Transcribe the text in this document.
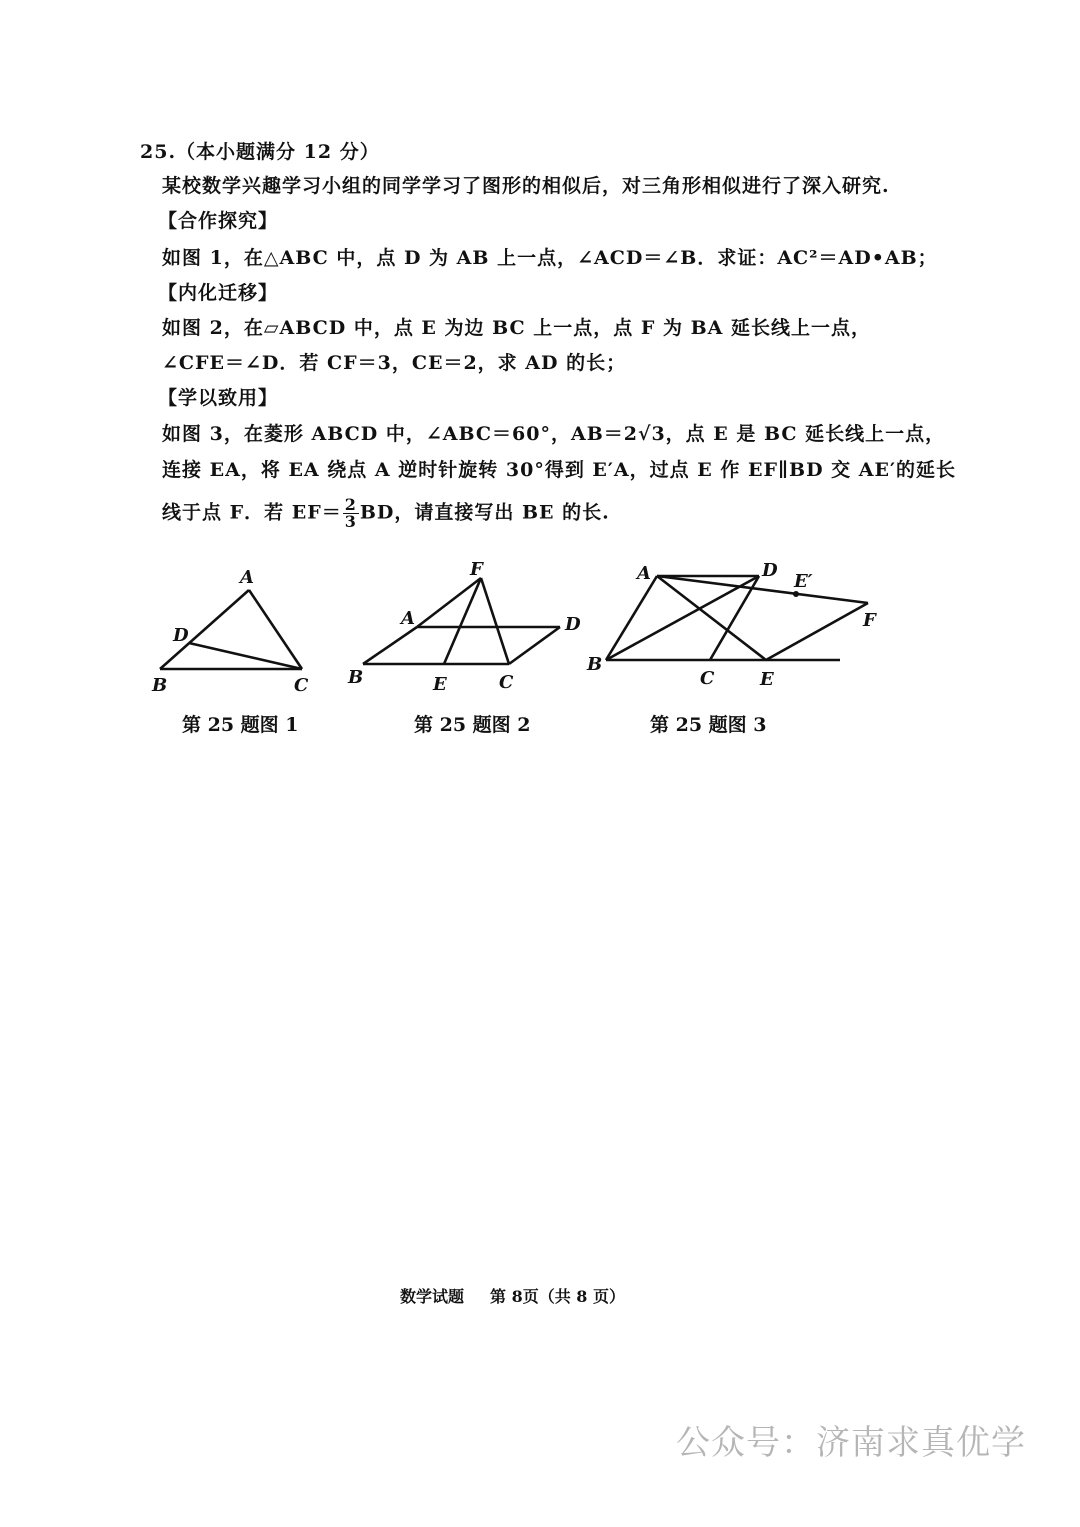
25.（本小题满分 12 分）
某校数学兴趣学习小组的同学学习了图形的相似后，对三角形相似进行了深入研究.
【合作探究】
如图 1，在△ABC 中，点 D 为 AB 上一点，∠ACD＝∠B．求证：AC²＝AD•AB；
【内化迁移】
如图 2，在▱ABCD 中，点 E 为边 BC 上一点，点 F 为 BA 延长线上一点，
∠CFE＝∠D．若 CF＝3，CE＝2，求 AD 的长；
【学以致用】
如图 3，在菱形 ABCD 中，∠ABC＝60°，AB＝2√3，点 E 是 BC 延长线上一点，
连接 EA，将 EA 绕点 A 逆时针旋转 30°得到 E′A，过点 E 作 EF∥BD 交 AE′的延长
线于点 F．若 $EF= \frac{2}{3}$ BD，请直接写出 BE 的长.
A
D
B	C
F
A	D
B	E	C
A	D
E′
F
B
C	E
第 25 题图 1	第 25 题图 2	第 25 题图 3
数学试题 第 8页（共 8 页）
公众号：济南求真优学
